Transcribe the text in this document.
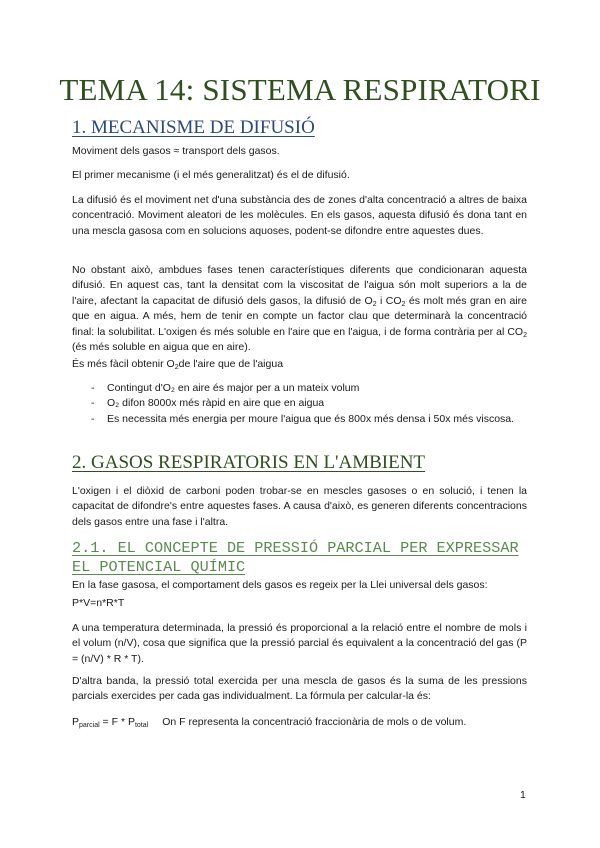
TEMA 14: SISTEMA RESPIRATORI
1. MECANISME DE DIFUSIÓ

Moviment dels gasos ≈ transport dels gasos.

El primer mecanisme (i el més generalitzat) és el de difusió.

La difusió és el moviment net d'una substància des de zones d'alta concentració a altres de baixa concentració. Moviment aleatori de les molècules. En els gasos, aquesta difusió és dona tant en una mescla gasosa com en solucions aquoses, podent-se difondre entre aquestes dues.

No obstant això, ambdues fases tenen característiques diferents que condicionaran aquesta difusió. En aquest cas, tant la densitat com la viscositat de l'aigua són molt superiors a la de l'aire, afectant la capacitat de difusió dels gasos, la difusió de $O_2$ i $CO_2$ és molt més gran en aire que en aigua. A més, hem de tenir en compte un factor clau que determinarà la concentració final: la solubilitat. L'oxigen és més soluble en l'aire que en l'aigua, i de forma contrària per al $CO_2$ (és més soluble en aigua que en aire).

És més fàcil obtenir $O_2de$ l'aire que de l'aigua

- Contingut d'O₂ en aire és major per a un mateix volum
- O₂ difon 8000x més ràpid en aire que en aigua
- Es necessita més energia per moure l'aigua que és 800x més densa i 50x més viscosa.
2. GASOS RESPIRATORIS EN L'AMBIENT

L'oxigen i el diòxid de carboni poden trobar-se en mescles gasoses o en solució, i tenen la capacitat de difondre's entre aquestes fases. A causa d'això, es generen diferents concentracions dels gasos entre una fase i l'altra.

2.1. EL CONCEPTE DE PRESSIÓ PARCIAL PER EXPRESSAR EL POTENCIAL QUÍMIC

En la fase gasosa, el comportament dels gasos es regeix per la Llei universal dels gasos:

P*V=n*R*T

A una temperatura determinada, la pressió és proporcional a la relació entre el nombre de mols i el volum (n/V), cosa que significa que la pressió parcial és equivalent a la concentració del gas (P = (n/V) * R * T).

D'altra banda, la pressió total exercida per una mescla de gasos és la suma de les pressions parcials exercides per cada gas individualment. La fórmula per calcular-la és:

$P_{parcial} = F * P_{total}$ On F representa la concentració fraccionària de mols o de volum.

1
